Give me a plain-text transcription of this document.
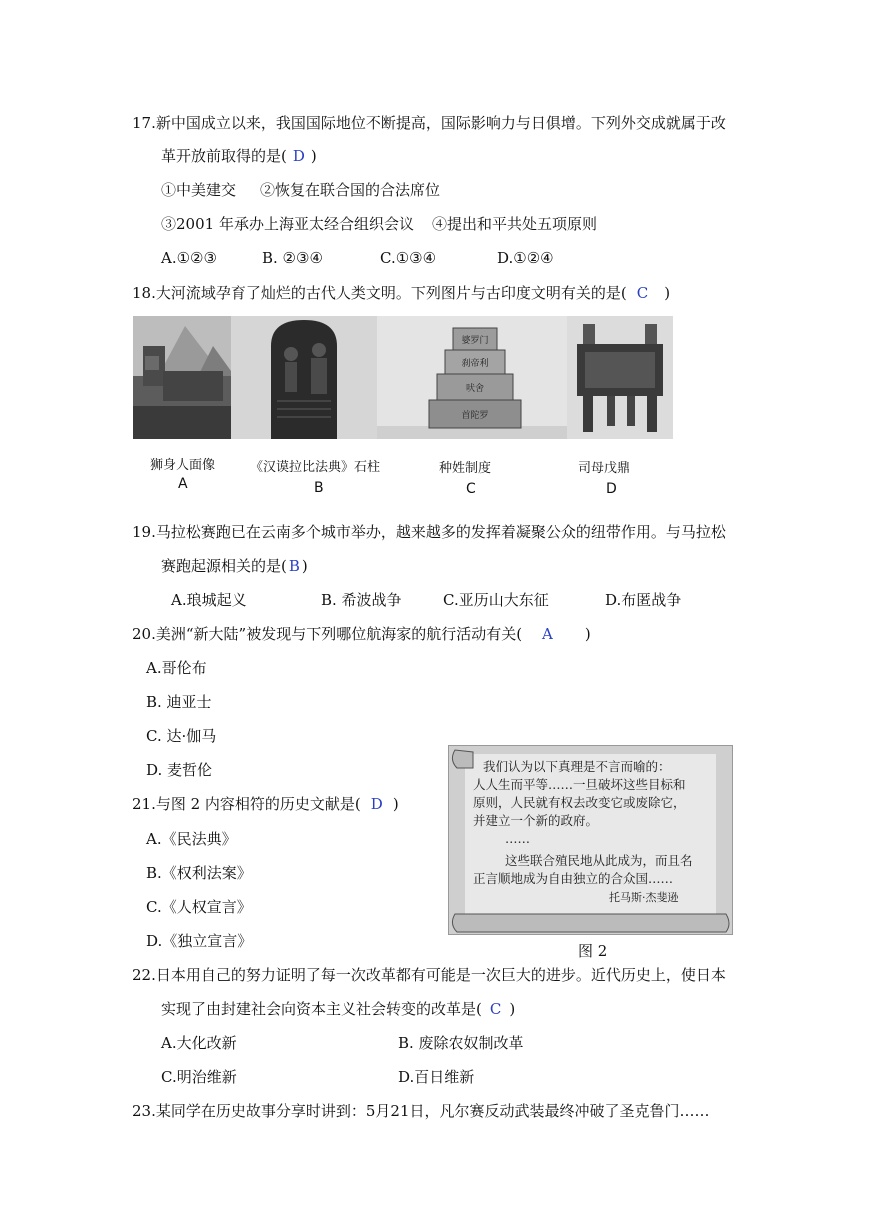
17.新中国成立以来，我国国际地位不断提高，国际影响力与日俱增。下列外交成就属于改
革开放前取得的是( D )
①中美建交 ②恢复在联合国的合法席位
③2001 年承办上海亚太经合组织会议 ④提出和平共处五项原则
A.①②③	B. ②③④	C.①③④	D.①②④
18.大河流域孕育了灿烂的古代人类文明。下列图片与古印度文明有关的是( C )
婆罗门
刹帝利
吠舍
首陀罗
狮身人面像	《汉谟拉比法典》石柱	种姓制度	司母戊鼎
A	B	C	D
19.马拉松赛跑已在云南多个城市举办，越来越多的发挥着凝聚公众的纽带作用。与马拉松
赛跑起源相关的是( B )
A.琅城起义	B. 希波战争	C.亚历山大东征	D.布匿战争
20.美洲“新大陆”被发现与下列哪位航海家的航行活动有关( A )
A.哥伦布
B. 迪亚士
C. 达·伽马
D. 麦哲伦
21.与图 2 内容相符的历史文献是( D )
A.《民法典》
B.《权利法案》
C.《人权宣言》
D.《独立宣言》
我们认为以下真理是不言而喻的：
人人生而平等……一旦破坏这些目标和
原则，人民就有权去改变它或废除它，
并建立一个新的政府。
……
这些联合殖民地从此成为，而且名
正言顺地成为自由独立的合众国……
托马斯·杰斐逊
图 2
22.日本用自己的努力证明了每一次改革都有可能是一次巨大的进步。近代历史上，使日本
实现了由封建社会向资本主义社会转变的改革是( C )
A.大化改新	B. 废除农奴制改革
C.明治维新	D.百日维新
23.某同学在历史故事分享时讲到：5月21日，凡尔赛反动武装最终冲破了圣克鲁门……
